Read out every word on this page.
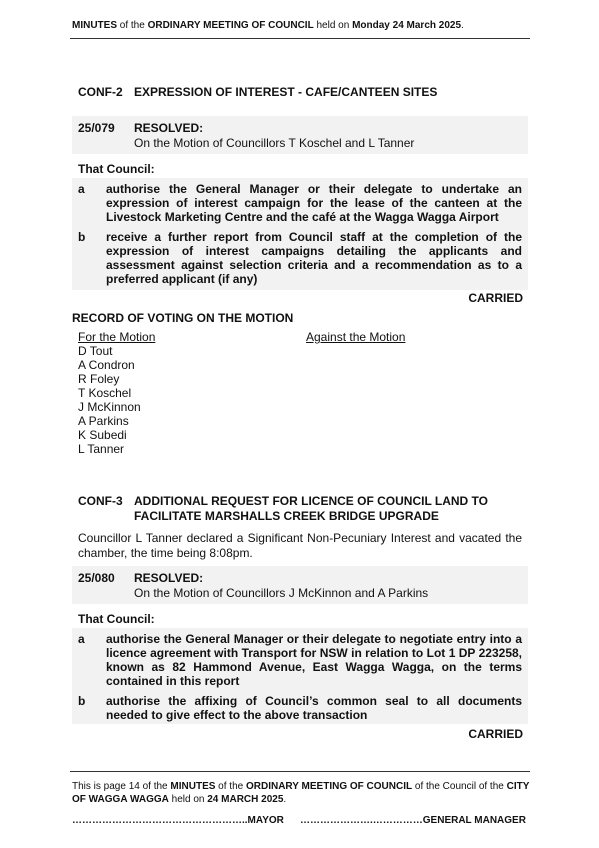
MINUTES of the ORDINARY MEETING OF COUNCIL held on Monday 24 March 2025.
CONF-2 EXPRESSION OF INTEREST - CAFE/CANTEEN SITES
25/079 RESOLVED:
On the Motion of Councillors T Koschel and L Tanner
That Council:
a authorise the General Manager or their delegate to undertake an expression of interest campaign for the lease of the canteen at the Livestock Marketing Centre and the café at the Wagga Wagga Airport
b receive a further report from Council staff at the completion of the expression of interest campaigns detailing the applicants and assessment against selection criteria and a recommendation as to a preferred applicant (if any)
CARRIED
RECORD OF VOTING ON THE MOTION
For the Motion	Against the Motion
D Tout
A Condron
R Foley
T Koschel
J McKinnon
A Parkins
K Subedi
L Tanner
CONF-3 ADDITIONAL REQUEST FOR LICENCE OF COUNCIL LAND TO
FACILITATE MARSHALLS CREEK BRIDGE UPGRADE
Councillor L Tanner declared a Significant Non-Pecuniary Interest and vacated the chamber, the time being 8:08pm.
25/080 RESOLVED:
On the Motion of Councillors J McKinnon and A Parkins
That Council:
a authorise the General Manager or their delegate to negotiate entry into a licence agreement with Transport for NSW in relation to Lot 1 DP 223258, known as 82 Hammond Avenue, East Wagga Wagga, on the terms contained in this report
b authorise the affixing of Council’s common seal to all documents needed to give effect to the above transaction
CARRIED
This is page 14 of the MINUTES of the ORDINARY MEETING OF COUNCIL of the Council of the CITY OF WAGGA WAGGA held on 24 MARCH 2025.
……………………………………………..MAYOR ………………….……………GENERAL MANAGER
